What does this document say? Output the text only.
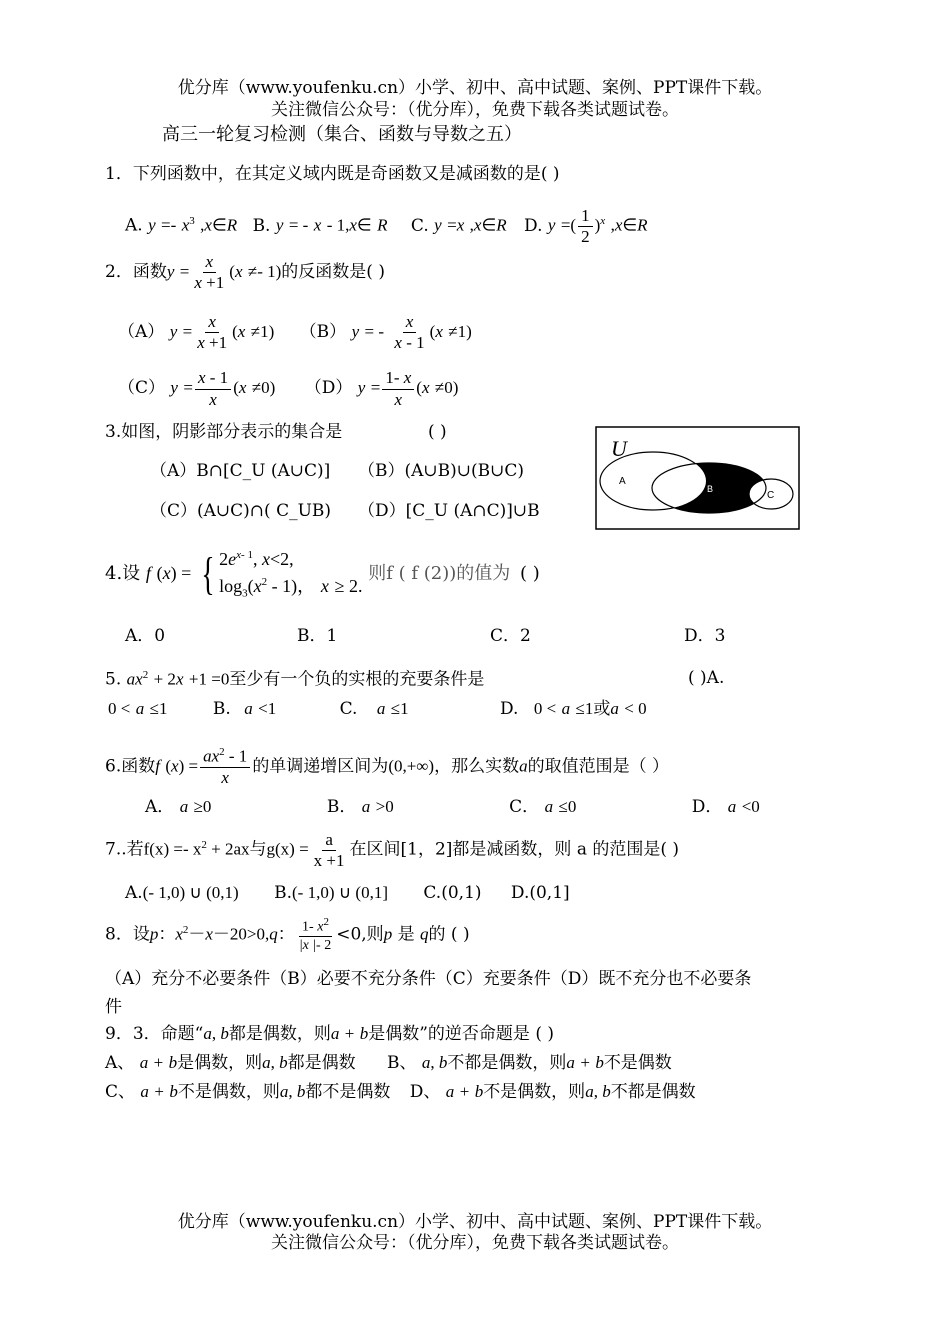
优分库（www.youfenku.cn）小学、初中、高中试题、案例、PPT课件下载。
关注微信公众号：（优分库），免费下载各类试题试卷。
高三一轮复习检测（集合、函数与导数之五）
1．下列函数中，在其定义域内既是奇函数又是减函数的是( )
A. $y =- x^3$ ,x∈R B. y = - x - 1,x∈ R C. y =x ,x∈R D. y =( $\frac{1}{2} )^x$ ,x∈R
2．函数$y = \frac{x}{x +1} (x \ne- 1)$的反函数是( )
（A） $y = \frac{x}{x +1} (x \ne 1)$ （B） y = - $\frac{x}{x - 1} (x \ne 1)$
（C） $y = \frac{x - 1}{x} (x \ne 0)$ （D） $y = \frac{1- x}{x} (x \ne 0)$
3.如图，阴影部分表示的集合是	( )
（A）B∩[C_U (A∪C)] （B）(A∪B)∪(B∪C)
（C）(A∪C)∩( C_UB) （D）[C_U (A∩C)]∪B
U
A
B
C
4.设 f (x) = { $2e^{x- 1}$, x<2,
$\log_3(x^2 - 1)$， x ≥ 2.
则f ( f (2))的值为 ( )
A．0	B．1	C．2	D．3
5. $ax^2 + 2x +1 =0$至少有一个负的实根的充要条件是	( )A.
0 < a ≤1	B. a <1	C. a ≤1	D. 0 < a ≤1或a < 0
6.函数f $(x) = \frac{ax^2 - 1}{x}$ 的单调递增区间为(0,+∞)，那么实数a的取值范围是（ ）
A． a ≥0	B． a >0	C． a ≤0	D． a <0
7..若$f(x) =- x^2 + 2ax$与$g(x) = \frac{a}{x +1}$ 在区间[1，2]都是减函数，则 a 的范围是( )
A.(- 1,0) ∪ (0,1) B.(- 1,0) ∪ (0,1] C.(0,1) D.(0,1]
8．设p：$x^2-x-20>0,q$： $\frac{1- x^2}{|x |- 2} <0$,则p 是 q的 ( )
（A）充分不必要条件（B）必要不充分条件（C）充要条件（D）既不充分也不必要条
件
9．3．命题“a, b都是偶数，则a + b是偶数”的逆否命题是 ( )
A、 a + b是偶数，则a, b都是偶数 B、 a, b不都是偶数，则a + b不是偶数
C、 a + b不是偶数，则a, b都不是偶数 D、 a + b不是偶数，则a, b不都是偶数
优分库（www.youfenku.cn）小学、初中、高中试题、案例、PPT课件下载。
关注微信公众号：（优分库），免费下载各类试题试卷。
